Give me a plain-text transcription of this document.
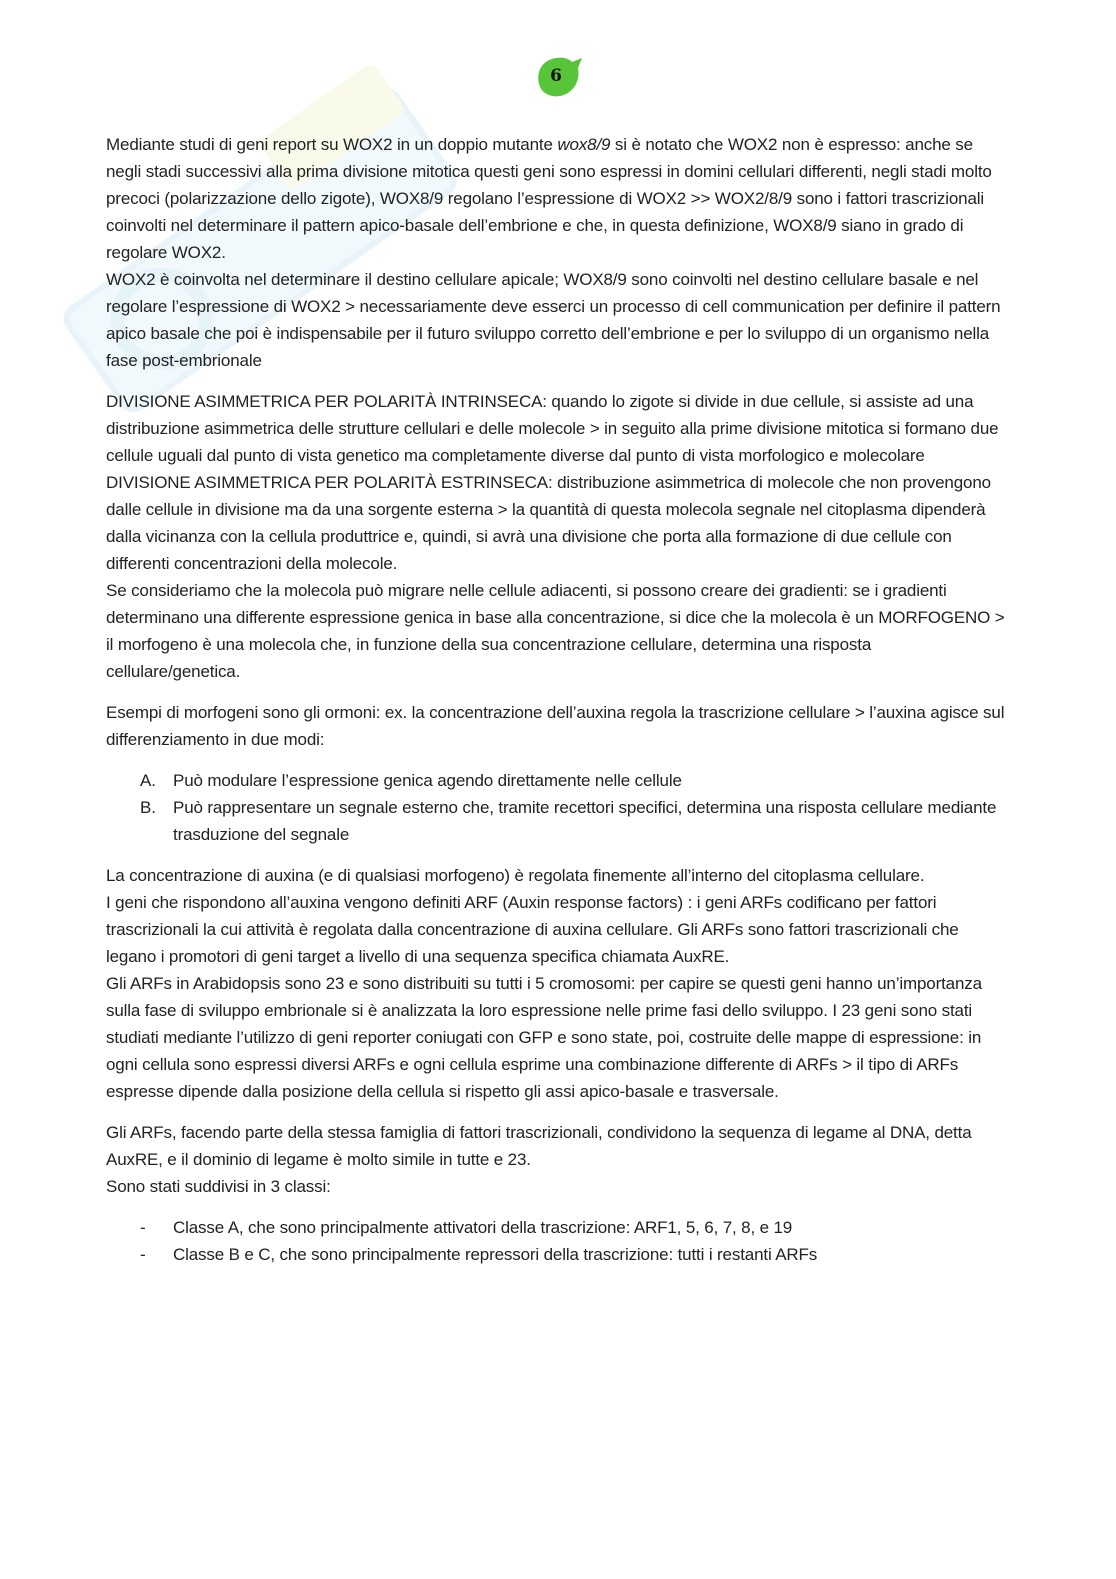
6

Mediante studi di geni report su WOX2 in un doppio mutante wox8/9 si è notato che WOX2 non è espresso: anche se negli stadi successivi alla prima divisione mitotica questi geni sono espressi in domini cellulari differenti, negli stadi molto precoci (polarizzazione dello zigote), WOX8/9 regolano l’espressione di WOX2 >> WOX2/8/9 sono i fattori trascrizionali coinvolti nel determinare il pattern apico-basale dell’embrione e che, in questa definizione, WOX8/9 siano in grado di regolare WOX2.

WOX2 è coinvolta nel determinare il destino cellulare apicale; WOX8/9 sono coinvolti nel destino cellulare basale e nel regolare l’espressione di WOX2 > necessariamente deve esserci un processo di cell communication per definire il pattern apico basale che poi è indispensabile per il futuro sviluppo corretto dell’embrione e per lo sviluppo di un organismo nella fase post-embrionale

DIVISIONE ASIMMETRICA PER POLARITÀ INTRINSECA: quando lo zigote si divide in due cellule, si assiste ad una distribuzione asimmetrica delle strutture cellulari e delle molecole > in seguito alla prime divisione mitotica si formano due cellule uguali dal punto di vista genetico ma completamente diverse dal punto di vista morfologico e molecolare

DIVISIONE ASIMMETRICA PER POLARITÀ ESTRINSECA: distribuzione asimmetrica di molecole che non provengono dalle cellule in divisione ma da una sorgente esterna > la quantità di questa molecola segnale nel citoplasma dipenderà dalla vicinanza con la cellula produttrice e, quindi, si avrà una divisione che porta alla formazione di due cellule con differenti concentrazioni della molecole.

Se consideriamo che la molecola può migrare nelle cellule adiacenti, si possono creare dei gradienti: se i gradienti determinano una differente espressione genica in base alla concentrazione, si dice che la molecola è un MORFOGENO > il morfogeno è una molecola che, in funzione della sua concentrazione cellulare, determina una risposta cellulare/genetica.

Esempi di morfogeni sono gli ormoni: ex. la concentrazione dell’auxina regola la trascrizione cellulare > l’auxina agisce sul differenziamento in due modi:

A. Può modulare l’espressione genica agendo direttamente nelle cellule
B. Può rappresentare un segnale esterno che, tramite recettori specifici, determina una risposta cellulare mediante trasduzione del segnale

La concentrazione di auxina (e di qualsiasi morfogeno) è regolata finemente all’interno del citoplasma cellulare.

I geni che rispondono all’auxina vengono definiti ARF (Auxin response factors) : i geni ARFs codificano per fattori trascrizionali la cui attività è regolata dalla concentrazione di auxina cellulare. Gli ARFs sono fattori trascrizionali che legano i promotori di geni target a livello di una sequenza specifica chiamata AuxRE.

Gli ARFs in Arabidopsis sono 23 e sono distribuiti su tutti i 5 cromosomi: per capire se questi geni hanno un’importanza sulla fase di sviluppo embrionale si è analizzata la loro espressione nelle prime fasi dello sviluppo. I 23 geni sono stati studiati mediante l’utilizzo di geni reporter coniugati con GFP e sono state, poi, costruite delle mappe di espressione: in ogni cellula sono espressi diversi ARFs e ogni cellula esprime una combinazione differente di ARFs > il tipo di ARFs espresse dipende dalla posizione della cellula si rispetto gli assi apico-basale e trasversale.

Gli ARFs, facendo parte della stessa famiglia di fattori trascrizionali, condividono la sequenza di legame al DNA, detta AuxRE, e il dominio di legame è molto simile in tutte e 23.

Sono stati suddivisi in 3 classi:

- Classe A, che sono principalmente attivatori della trascrizione: ARF1, 5, 6, 7, 8, e 19
- Classe B e C, che sono principalmente repressori della trascrizione: tutti i restanti ARFs
